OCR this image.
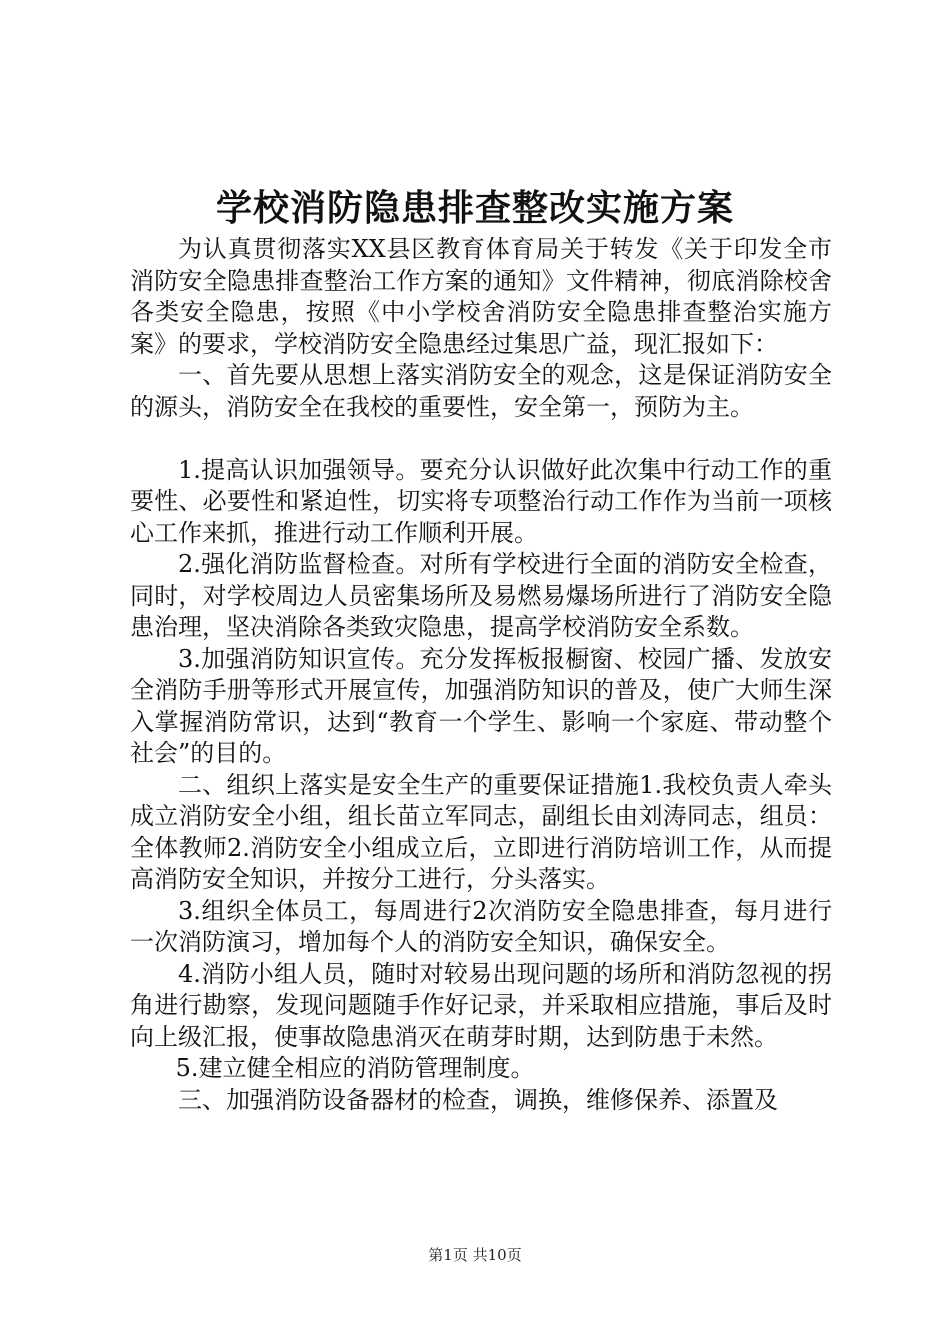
学校消防隐患排查整改实施方案

为认真贯彻落实XX县区教育体育局关于转发《关于印发全市消防安全隐患排查整治工作方案的通知》文件精神，彻底消除校舍各类安全隐患，按照《中小学校舍消防安全隐患排查整治实施方案》的要求，学校消防安全隐患经过集思广益，现汇报如下：

一、首先要从思想上落实消防安全的观念，这是保证消防安全的源头，消防安全在我校的重要性，安全第一，预防为主。

1.提高认识加强领导。要充分认识做好此次集中行动工作的重要性、必要性和紧迫性，切实将专项整治行动工作作为当前一项核心工作来抓，推进行动工作顺利开展。

2.强化消防监督检查。对所有学校进行全面的消防安全检查，同时，对学校周边人员密集场所及易燃易爆场所进行了消防安全隐患治理，坚决消除各类致灾隐患，提高学校消防安全系数。

3.加强消防知识宣传。充分发挥板报橱窗、校园广播、发放安全消防手册等形式开展宣传，加强消防知识的普及，使广大师生深入掌握消防常识，达到“教育一个学生、影响一个家庭、带动整个社会”的目的。

二、组织上落实是安全生产的重要保证措施1.我校负责人牵头成立消防安全小组，组长苗立军同志，副组长由刘涛同志，组员：全体教师2.消防安全小组成立后，立即进行消防培训工作，从而提高消防安全知识，并按分工进行，分头落实。

3.组织全体员工，每周进行2次消防安全隐患排查，每月进行一次消防演习，增加每个人的消防安全知识，确保安全。

4.消防小组人员，随时对较易出现问题的场所和消防忽视的拐角进行勘察，发现问题随手作好记录，并采取相应措施，事后及时向上级汇报，使事故隐患消灭在萌芽时期，达到防患于未然。

5.建立健全相应的消防管理制度。

三、加强消防设备器材的检查，调换，维修保养、添置及

第1页 共10页
